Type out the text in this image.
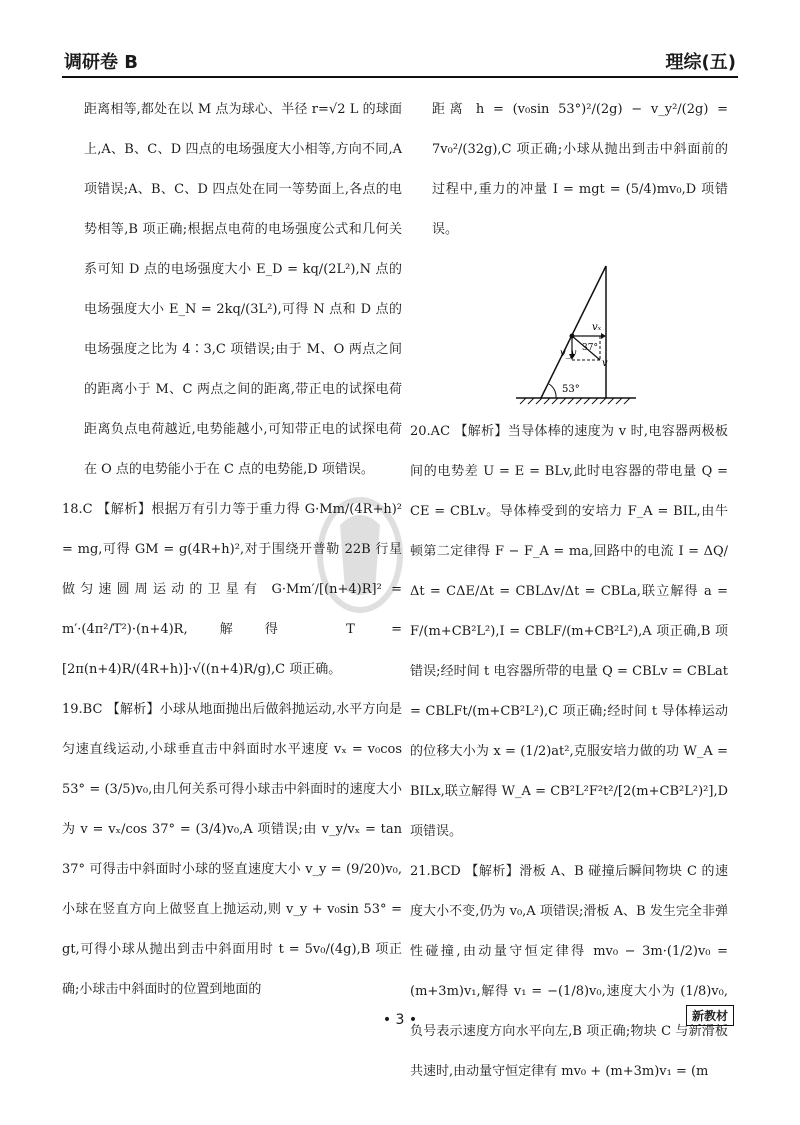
调研卷 B	理综(五)

距离相等,都处在以 M 点为球心、半径 r=√2 L 的球面上,A、B、C、D 四点的电场强度大小相等,方向不同,A 项错误;A、B、C、D 四点处在同一等势面上,各点的电势相等,B 项正确;根据点电荷的电场强度公式和几何关系可知 D 点的电场强度大小 E_D = kq/(2L²),N 点的电场强度大小 E_N = 2kq/(3L²),可得 N 点和 D 点的电场强度之比为 4∶3,C 项错误;由于 M、O 两点之间的距离小于 M、C 两点之间的距离,带正电的试探电荷距离负点电荷越近,电势能越小,可知带正电的试探电荷在 O 点的电势能小于在 C 点的电势能,D 项错误。

18.C 【解析】根据万有引力等于重力得 G·Mm/(4R+h)² = mg,可得 GM = g(4R+h)²,对于围绕开普勒 22B 行星做匀速圆周运动的卫星有 G·Mm′/[(n+4)R]² = m′·(4π²/T²)·(n+4)R,解得 T = [2π(n+4)R/(4R+h)]·√((n+4)R/g),C 项正确。

19.BC 【解析】小球从地面抛出后做斜抛运动,水平方向是匀速直线运动,小球垂直击中斜面时水平速度 vₓ = v₀cos 53° = (3/5)v₀,由几何关系可得小球击中斜面时的速度大小为 v = vₓ/cos 37° = (3/4)v₀,A 项错误;由 v_y/vₓ = tan 37° 可得击中斜面时小球的竖直速度大小 v_y = (9/20)v₀,小球在竖直方向上做竖直上抛运动,则 v_y + v₀sin 53° = gt,可得小球从抛出到击中斜面用时 t = 5v₀/(4g),B 项正确;小球击中斜面时的位置到地面的

距离 h = (v₀sin 53°)²/(2g) − v_y²/(2g) = 7v₀²/(32g),C 项正确;小球从抛出到击中斜面前的过程中,重力的冲量 I = mgt = (5/4)mv₀,D 项错误。

vₓ
37°
v_y
v
53°

20.AC 【解析】当导体棒的速度为 v 时,电容器两极板间的电势差 U = E = BLv,此时电容器的带电量 Q = CE = CBLv。导体棒受到的安培力 F_A = BIL,由牛顿第二定律得 F − F_A = ma,回路中的电流 I = ΔQ/Δt = CΔE/Δt = CBLΔv/Δt = CBLa,联立解得 a = F/(m+CB²L²),I = CBLF/(m+CB²L²),A 项正确,B 项错误;经时间 t 电容器所带的电量 Q = CBLv = CBLat = CBLFt/(m+CB²L²),C 项正确;经时间 t 导体棒运动的位移大小为 x = (1/2)at²,克服安培力做的功 W_A = BILx,联立解得 W_A = CB²L²F²t²/[2(m+CB²L²)²],D 项错误。

21.BCD 【解析】滑板 A、B 碰撞后瞬间物块 C 的速度大小不变,仍为 v₀,A 项错误;滑板 A、B 发生完全非弹性碰撞,由动量守恒定律得 mv₀ − 3m·(1/2)v₀ = (m+3m)v₁,解得 v₁ = −(1/8)v₀,速度大小为 (1/8)v₀,负号表示速度方向水平向左,B 项正确;物块 C 与新滑板共速时,由动量守恒定律有 mv₀ + (m+3m)v₁ = (m

• 3 •	新教材
